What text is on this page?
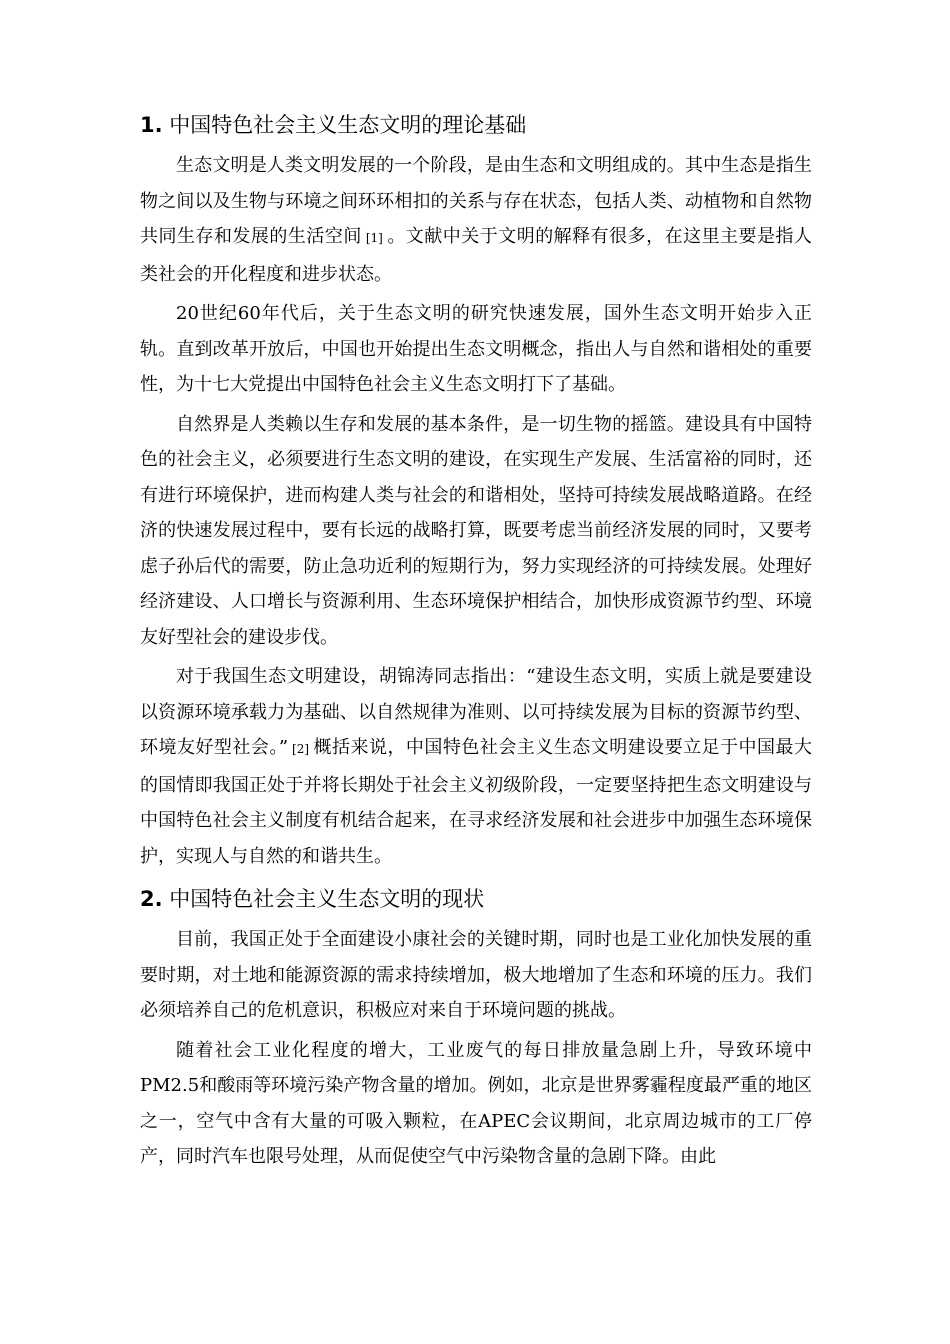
1. 中国特色社会主义生态文明的理论基础

生态文明是人类文明发展的一个阶段，是由生态和文明组成的。其中生态是指生物之间以及生物与环境之间环环相扣的关系与存在状态，包括人类、动植物和自然物共同生存和发展的生活空间 [1] 。文献中关于文明的解释有很多，在这里主要是指人类社会的开化程度和进步状态。

20世纪60年代后，关于生态文明的研究快速发展，国外生态文明开始步入正轨。直到改革开放后，中国也开始提出生态文明概念，指出人与自然和谐相处的重要性，为十七大党提出中国特色社会主义生态文明打下了基础。

自然界是人类赖以生存和发展的基本条件，是一切生物的摇篮。建设具有中国特色的社会主义，必须要进行生态文明的建设，在实现生产发展、生活富裕的同时，还有进行环境保护，进而构建人类与社会的和谐相处，坚持可持续发展战略道路。在经济的快速发展过程中，要有长远的战略打算，既要考虑当前经济发展的同时，又要考虑子孙后代的需要，防止急功近利的短期行为，努力实现经济的可持续发展。处理好经济建设、人口增长与资源利用、生态环境保护相结合，加快形成资源节约型、环境友好型社会的建设步伐。

对于我国生态文明建设，胡锦涛同志指出：“建设生态文明，实质上就是要建设以资源环境承载力为基础、以自然规律为准则、以可持续发展为目标的资源节约型、环境友好型社会。” [2] 概括来说，中国特色社会主义生态文明建设要立足于中国最大的国情即我国正处于并将长期处于社会主义初级阶段，一定要坚持把生态文明建设与中国特色社会主义制度有机结合起来，在寻求经济发展和社会进步中加强生态环境保护，实现人与自然的和谐共生。

2. 中国特色社会主义生态文明的现状

目前，我国正处于全面建设小康社会的关键时期，同时也是工业化加快发展的重要时期，对土地和能源资源的需求持续增加，极大地增加了生态和环境的压力。我们必须培养自己的危机意识，积极应对来自于环境问题的挑战。

随着社会工业化程度的增大，工业废气的每日排放量急剧上升，导致环境中PM2.5和酸雨等环境污染产物含量的增加。例如，北京是世界雾霾程度最严重的地区之一，空气中含有大量的可吸入颗粒，在APEC会议期间，北京周边城市的工厂停产，同时汽车也限号处理，从而促使空气中污染物含量的急剧下降。由此
